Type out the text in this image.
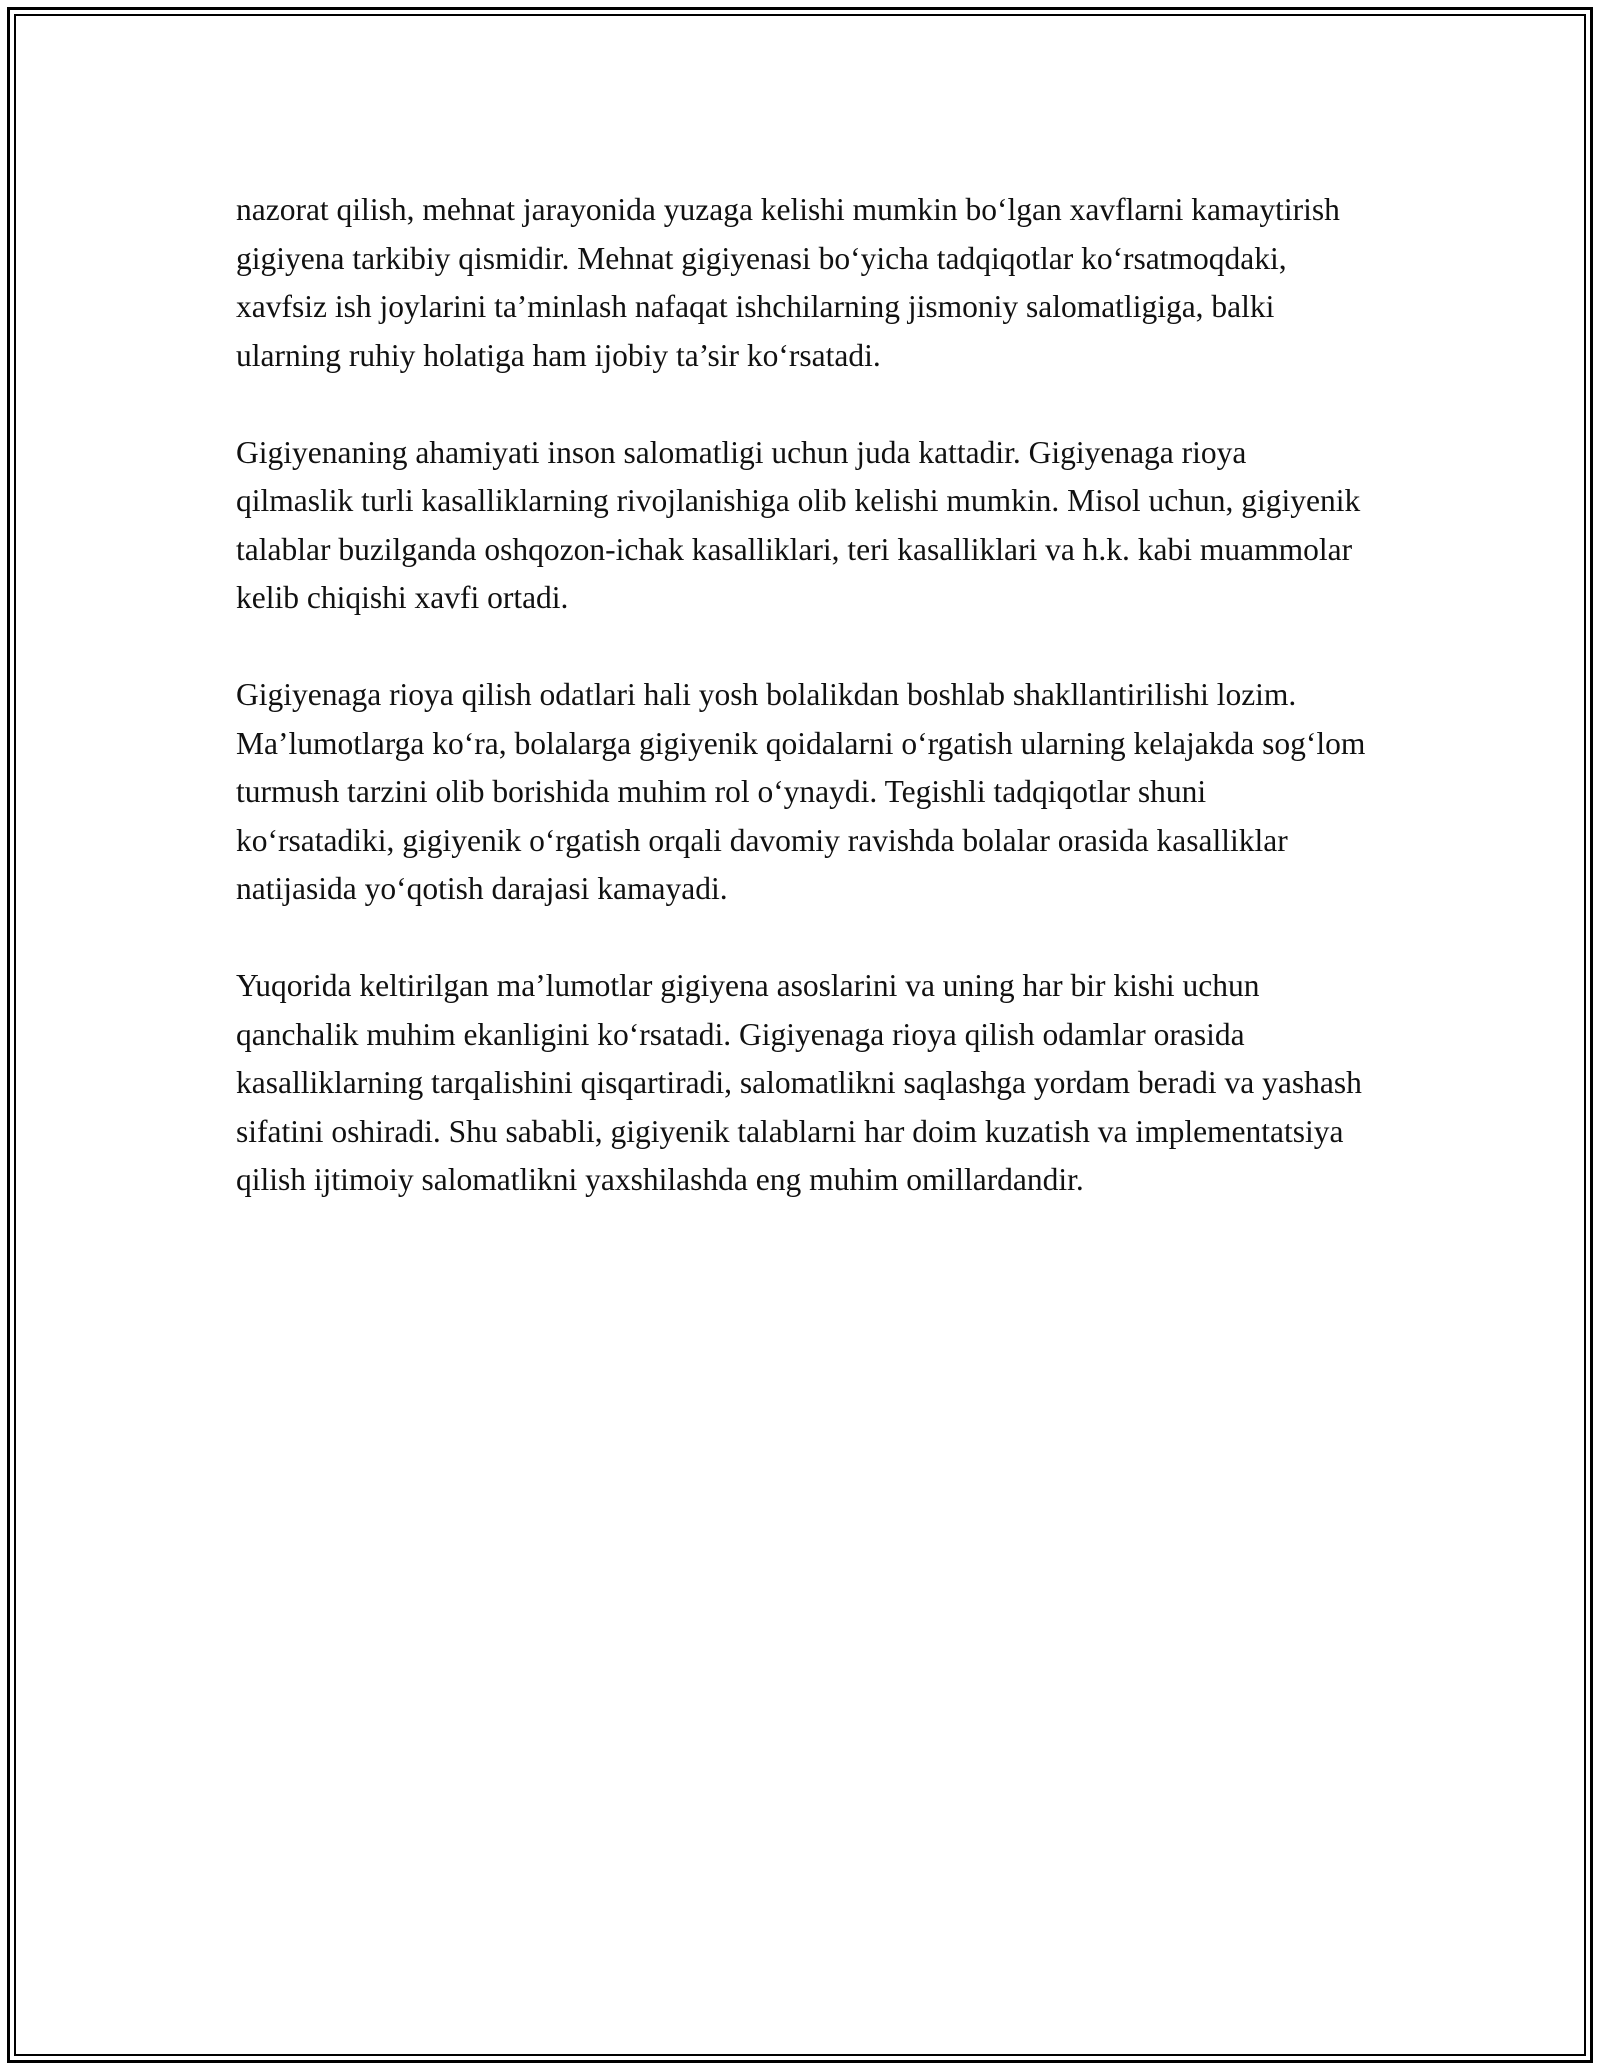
nazorat qilish, mehnat jarayonida yuzaga kelishi mumkin bo‘lgan xavflarni kamaytirish gigiyena tarkibiy qismidir. Mehnat gigiyenasi bo‘yicha tadqiqotlar ko‘rsatmoqdaki, xavfsiz ish joylarini ta’minlash nafaqat ishchilarning jismoniy salomatligiga, balki ularning ruhiy holatiga ham ijobiy ta’sir ko‘rsatadi.

Gigiyenaning ahamiyati inson salomatligi uchun juda kattadir. Gigiyenaga rioya qilmaslik turli kasalliklarning rivojlanishiga olib kelishi mumkin. Misol uchun, gigiyenik talablar buzilganda oshqozon-ichak kasalliklari, teri kasalliklari va h.k. kabi muammolar kelib chiqishi xavfi ortadi.

Gigiyenaga rioya qilish odatlari hali yosh bolalikdan boshlab shakllantirilishi lozim. Ma’lumotlarga ko‘ra, bolalarga gigiyenik qoidalarni o‘rgatish ularning kelajakda sog‘lom turmush tarzini olib borishida muhim rol o‘ynaydi. Tegishli tadqiqotlar shuni ko‘rsatadiki, gigiyenik o‘rgatish orqali davomiy ravishda bolalar orasida kasalliklar natijasida yo‘qotish darajasi kamayadi.

Yuqorida keltirilgan ma’lumotlar gigiyena asoslarini va uning har bir kishi uchun qanchalik muhim ekanligini ko‘rsatadi. Gigiyenaga rioya qilish odamlar orasida kasalliklarning tarqalishini qisqartiradi, salomatlikni saqlashga yordam beradi va yashash sifatini oshiradi. Shu sababli, gigiyenik talablarni har doim kuzatish va implementatsiya qilish ijtimoiy salomatlikni yaxshilashda eng muhim omillardandir.
